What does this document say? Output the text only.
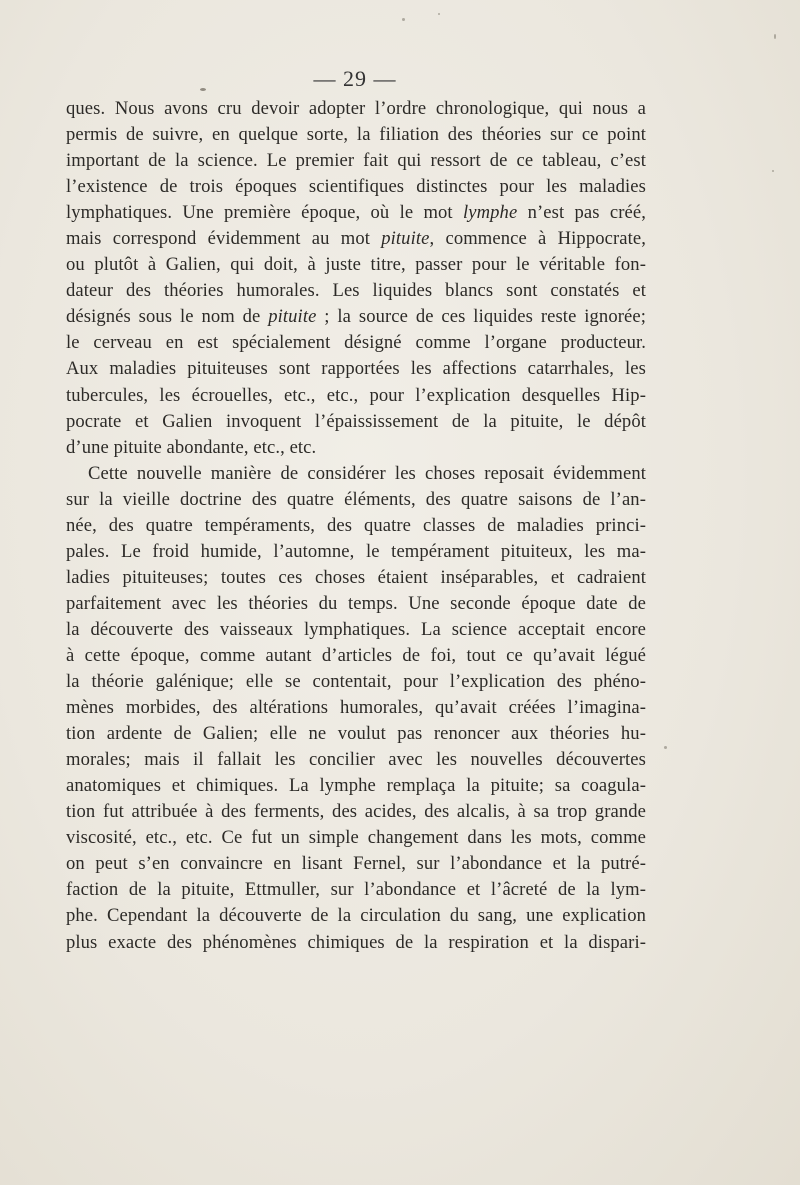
— 29 —
ques. Nous avons cru devoir adopter l’ordre chronologique, qui nous a
permis de suivre, en quelque sorte, la filiation des théories sur ce point
important de la science. Le premier fait qui ressort de ce tableau, c’est
l’existence de trois époques scientifiques distinctes pour les maladies
lymphatiques. Une première époque, où le mot lymphe n’est pas créé,
mais correspond évidemment au mot pituite, commence à Hippocrate,
ou plutôt à Galien, qui doit, à juste titre, passer pour le véritable fon-
dateur des théories humorales. Les liquides blancs sont constatés et
désignés sous le nom de pituite ; la source de ces liquides reste ignorée;
le cerveau en est spécialement désigné comme l’organe producteur.
Aux maladies pituiteuses sont rapportées les affections catarrhales, les
tubercules, les écrouelles, etc., etc., pour l’explication desquelles Hip-
pocrate et Galien invoquent l’épaississement de la pituite, le dépôt
d’une pituite abondante, etc., etc.
Cette nouvelle manière de considérer les choses reposait évidemment
sur la vieille doctrine des quatre éléments, des quatre saisons de l’an-
née, des quatre tempéraments, des quatre classes de maladies princi-
pales. Le froid humide, l’automne, le tempérament pituiteux, les ma-
ladies pituiteuses; toutes ces choses étaient inséparables, et cadraient
parfaitement avec les théories du temps. Une seconde époque date de
la découverte des vaisseaux lymphatiques. La science acceptait encore
à cette époque, comme autant d’articles de foi, tout ce qu’avait légué
la théorie galénique; elle se contentait, pour l’explication des phéno-
mènes morbides, des altérations humorales, qu’avait créées l’imagina-
tion ardente de Galien; elle ne voulut pas renoncer aux théories hu-
morales; mais il fallait les concilier avec les nouvelles découvertes
anatomiques et chimiques. La lymphe remplaça la pituite; sa coagula-
tion fut attribuée à des ferments, des acides, des alcalis, à sa trop grande
viscosité, etc., etc. Ce fut un simple changement dans les mots, comme
on peut s’en convaincre en lisant Fernel, sur l’abondance et la putré-
faction de la pituite, Ettmuller, sur l’abondance et l’âcreté de la lym-
phe. Cependant la découverte de la circulation du sang, une explication
plus exacte des phénomènes chimiques de la respiration et la dispari-
